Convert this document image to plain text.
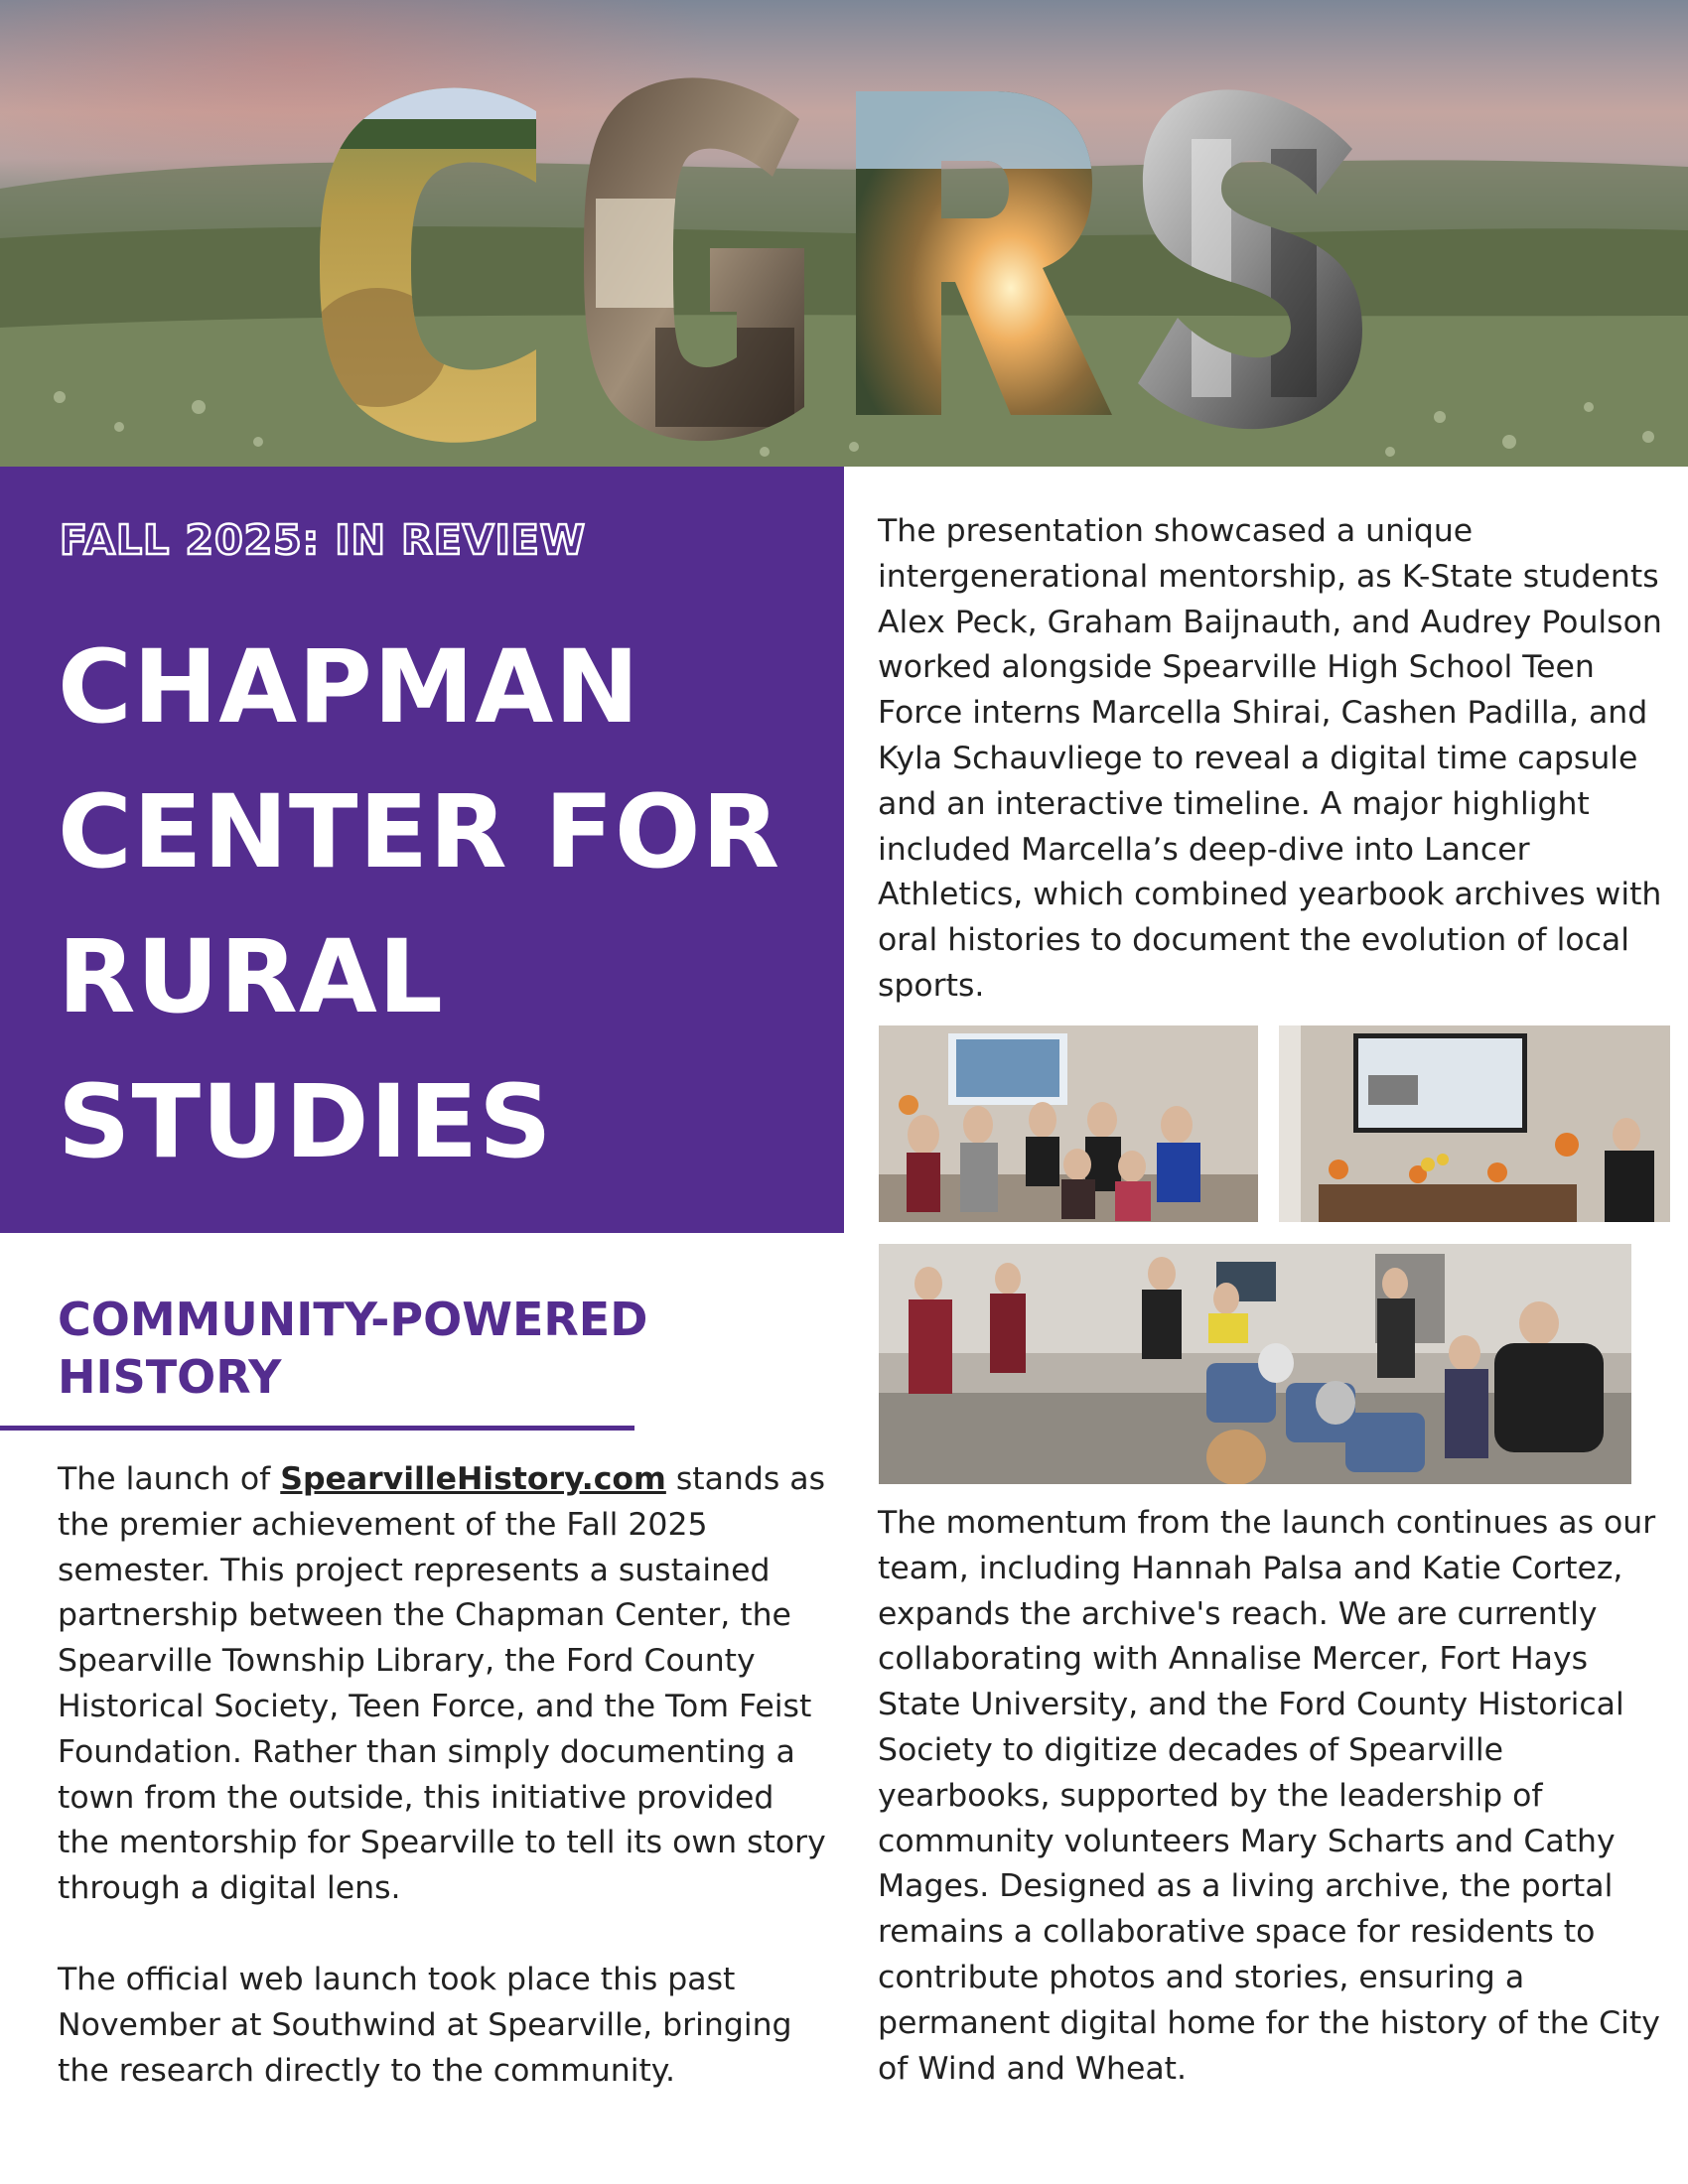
FALL 2025: IN REVIEW
CHAPMAN CENTER FOR RURAL STUDIES
COMMUNITY-POWERED HISTORY

The launch of SpearvilleHistory.com stands as the premier achievement of the Fall 2025 semester. This project represents a sustained partnership between the Chapman Center, the Spearville Township Library, the Ford County Historical Society, Teen Force, and the Tom Feist Foundation. Rather than simply documenting a town from the outside, this initiative provided the mentorship for Spearville to tell its own story through a digital lens.

The official web launch took place this past November at Southwind at Spearville, bringing the research directly to the community.

The presentation showcased a unique intergenerational mentorship, as K-State students Alex Peck, Graham Baijnauth, and Audrey Poulson worked alongside Spearville High School Teen Force interns Marcella Shirai, Cashen Padilla, and Kyla Schauvliege to reveal a digital time capsule and an interactive timeline. A major highlight included Marcella’s deep-dive into Lancer Athletics, which combined yearbook archives with oral histories to document the evolution of local sports.

The momentum from the launch continues as our team, including Hannah Palsa and Katie Cortez, expands the archive's reach. We are currently collaborating with Annalise Mercer, Fort Hays State University, and the Ford County Historical Society to digitize decades of Spearville yearbooks, supported by the leadership of community volunteers Mary Scharts and Cathy Mages. Designed as a living archive, the portal remains a collaborative space for residents to contribute photos and stories, ensuring a permanent digital home for the history of the City of Wind and Wheat.
